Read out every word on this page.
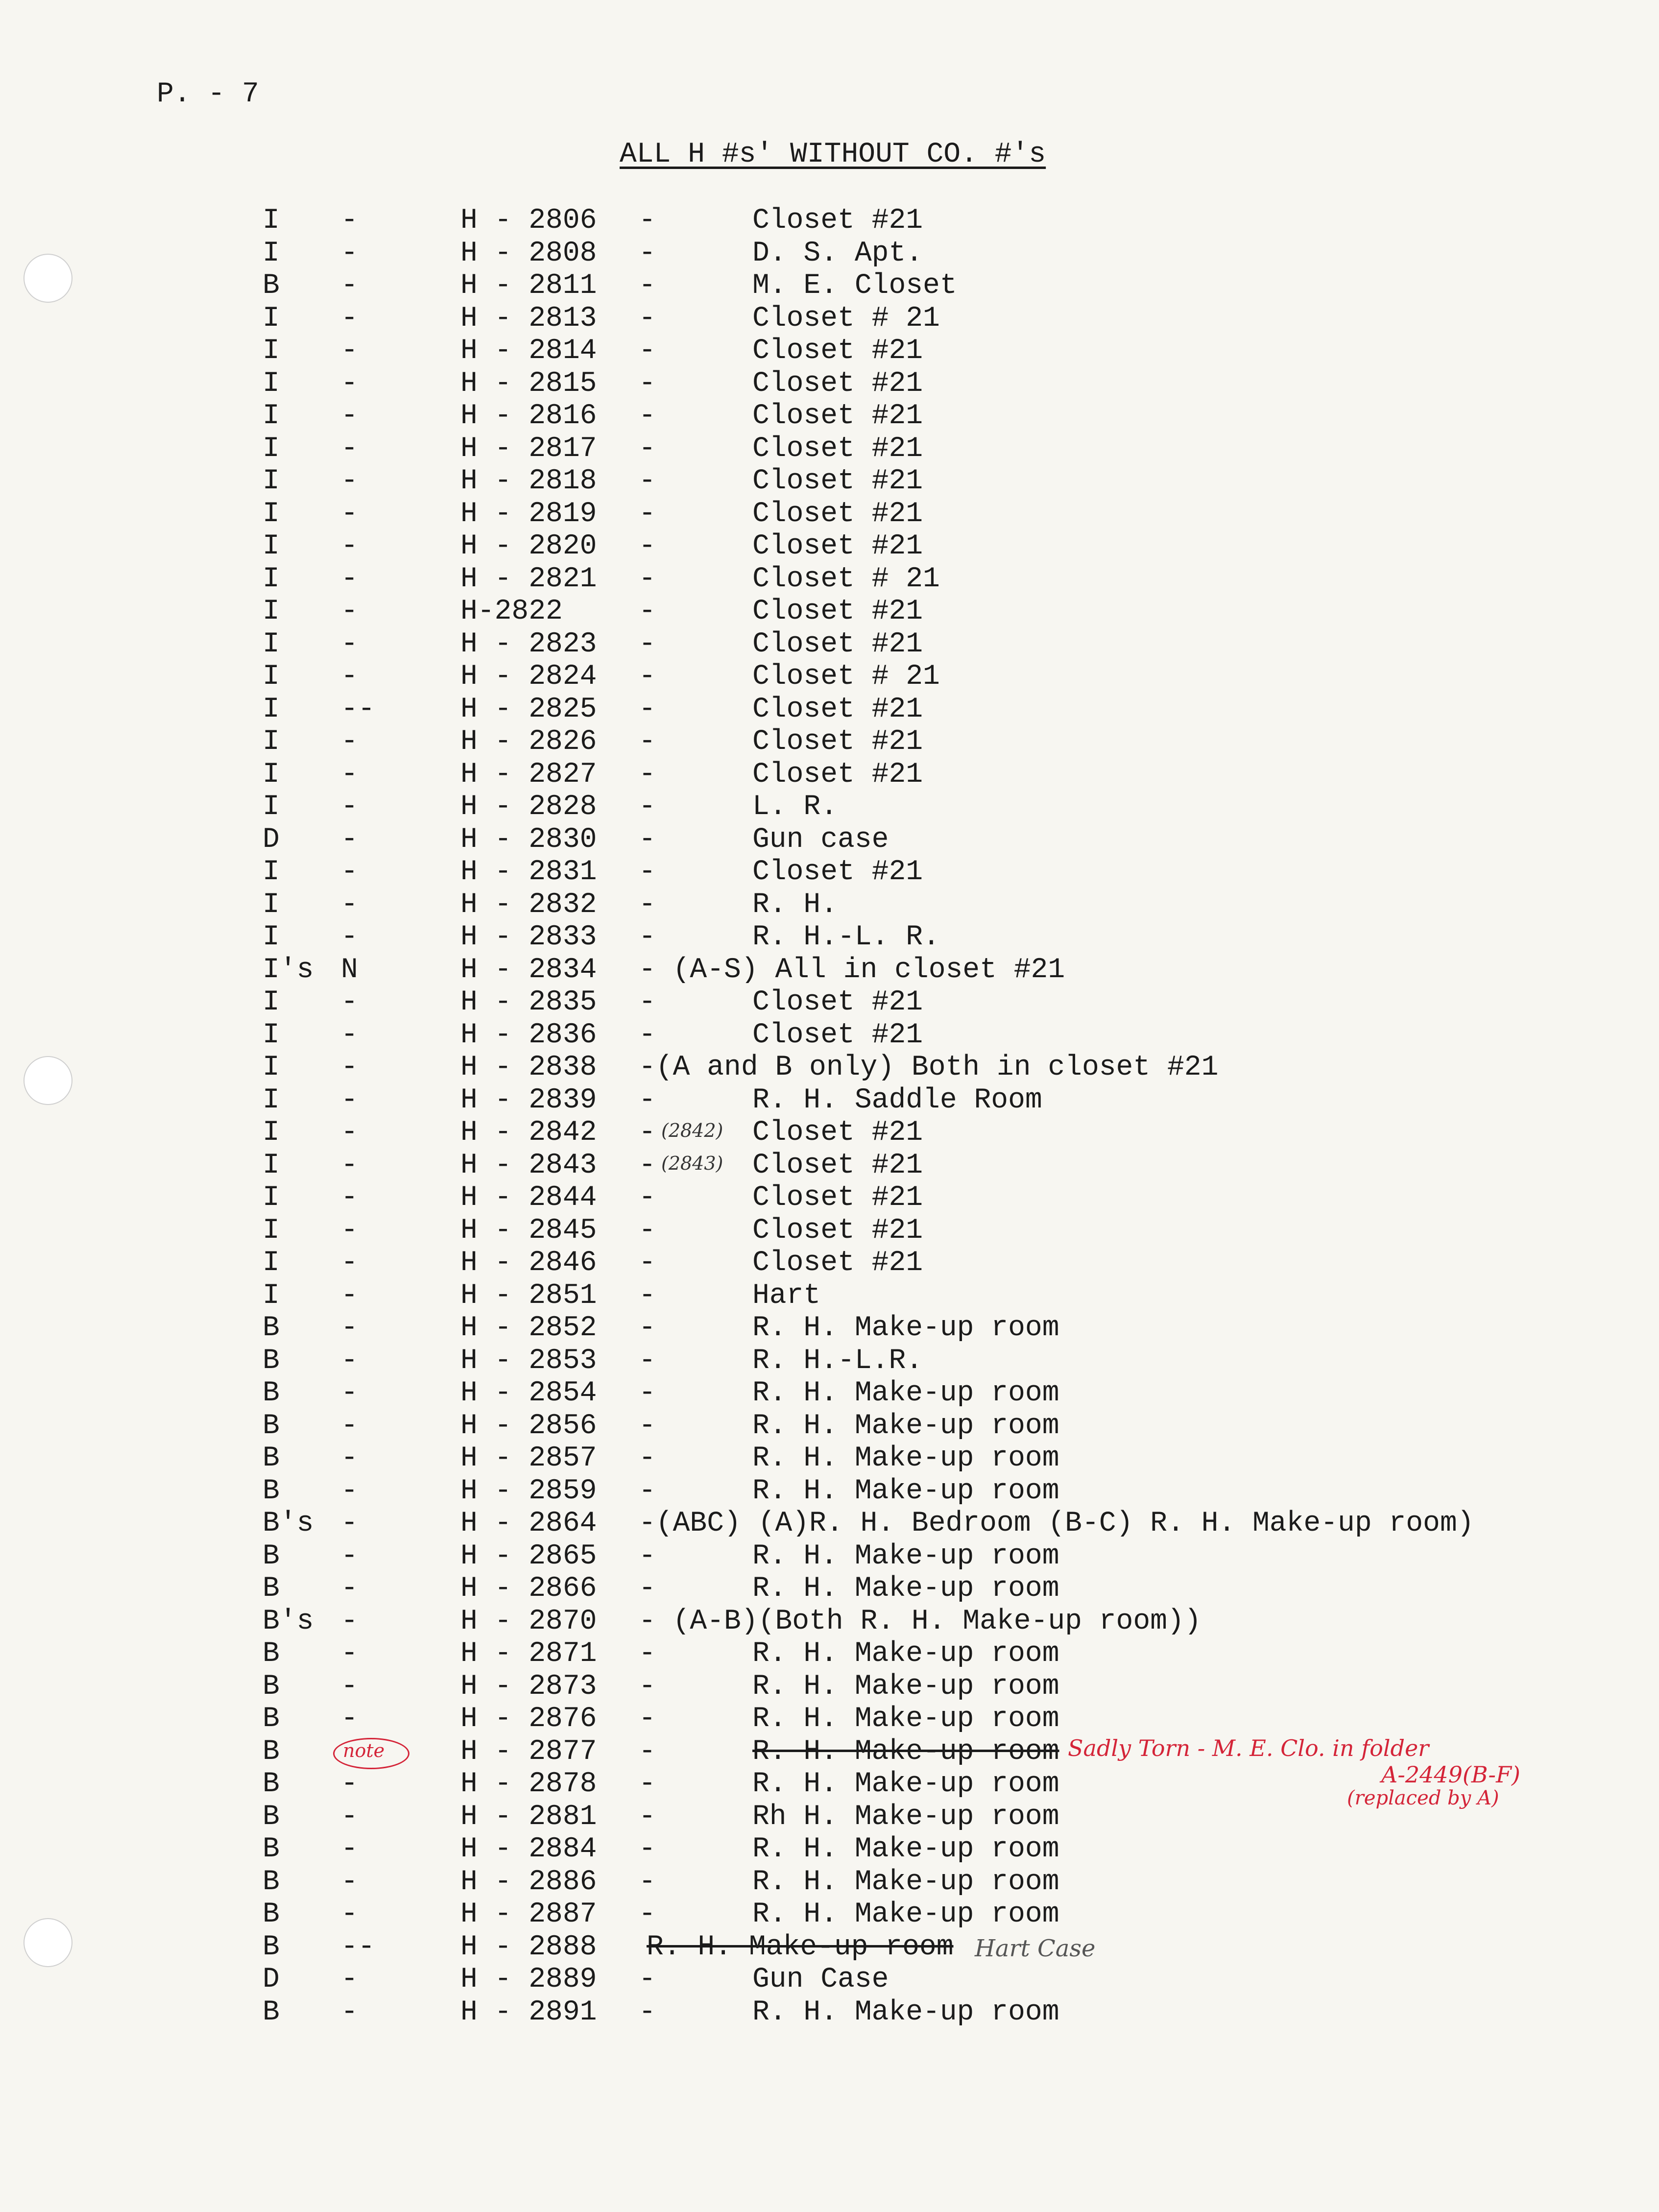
P. - 7
ALL H #s' WITHOUT CO. #'s
I -	H - 2806 -	Closet #21
I -	H - 2808 -	D. S. Apt.
B -	H - 2811 -	M. E. Closet
I -	H - 2813 -	Closet # 21
I -	H - 2814 -	Closet #21
I -	H - 2815 -	Closet #21
I -	H - 2816 -	Closet #21
I -	H - 2817 -	Closet #21
I -	H - 2818 -	Closet #21
I -	H - 2819 -	Closet #21
I -	H - 2820 -	Closet #21
I -	H - 2821 -	Closet # 21
I -	H-2822	-	Closet #21
I -	H - 2823 -	Closet #21
I -	H - 2824 -	Closet # 21
I --	H - 2825 -	Closet #21
I -	H - 2826 -	Closet #21
I -	H - 2827 -	Closet #21
I -	H - 2828 -	L. R.
D -	H - 2830 -	Gun case
I -	H - 2831 -	Closet #21
I -	H - 2832 -	R. H.
I -	H - 2833 -	R. H.-L. R.
I's N	H - 2834 - (A-S) All in closet #21
I -	H - 2835 -	Closet #21
I -	H - 2836 -	Closet #21
I -	H - 2838 -(A and B only) Both in closet #21
I -	H - 2839 -	R. H. Saddle Room
I -	H - 2842 -	Closet #21
(2842)
I -	H - 2843 -	Closet #21
(2843)
I -	H - 2844 -	Closet #21
I -	H - 2845 -	Closet #21
I -	H - 2846 -	Closet #21
I -	H - 2851 -	Hart
B -	H - 2852 -	R. H. Make-up room
B -	H - 2853 -	R. H.-L.R.
B -	H - 2854 -	R. H. Make-up room
B -	H - 2856 -	R. H. Make-up room
B -	H - 2857 -	R. H. Make-up room
B -	H - 2859 -	R. H. Make-up room
B's -	H - 2864 -(ABC) (A)R. H. Bedroom (B-C) R. H. Make-up room)
B -	H - 2865 -	R. H. Make-up room
B -	H - 2866 -	R. H. Make-up room
B's -	H - 2870 - (A-B)(Both R. H. Make-up room))
B -	H - 2871 -	R. H. Make-up room
B -	H - 2873 -	R. H. Make-up room
B -	H - 2876 -	R. H. Make-up room
B	H - 2877 -	R. H. Make-up room
B -	H - 2878 -	R. H. Make-up room
B -	H - 2881 -	Rh H. Make-up room
B -	H - 2884 -	R. H. Make-up room
B -	H - 2886 -	R. H. Make-up room
B -	H - 2887 -	R. H. Make-up room
B --	H - 2888 R. H. Make-up room
D -	H - 2889 -	Gun Case
B -	H - 2891 -	R. H. Make-up room
note	Sadly Torn - M. E. Clo. in folder
A-2449(B-F)
(replaced by A)
Hart Case
